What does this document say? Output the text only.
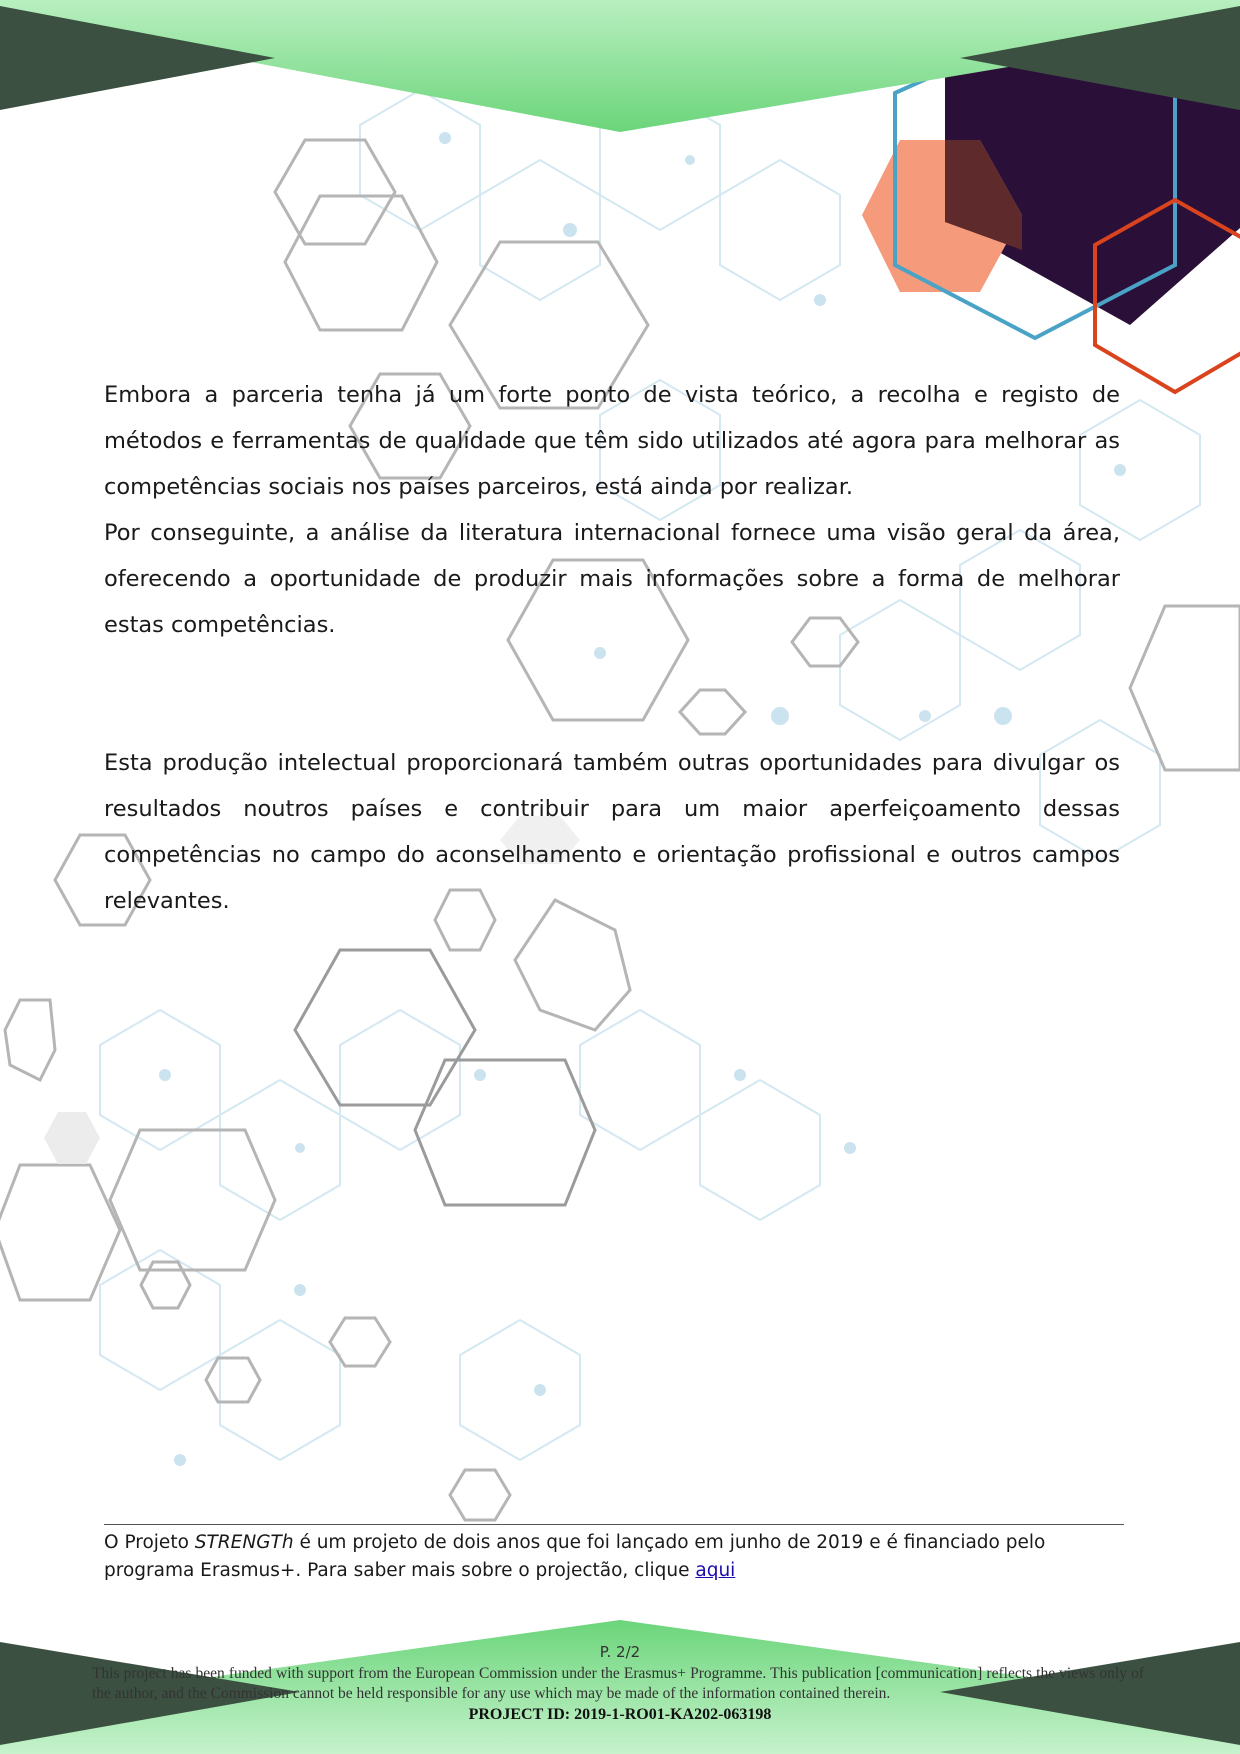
Embora a parceria tenha já um forte ponto de vista teórico, a recolha e registo de métodos e ferramentas de qualidade que têm sido utilizados até agora para melhorar as competências sociais nos países parceiros, está ainda por realizar.

Por conseguinte, a análise da literatura internacional fornece uma visão geral da área, oferecendo a oportunidade de produzir mais informações sobre a forma de melhorar estas competências.

Esta produção intelectual proporcionará também outras oportunidades para divulgar os resultados noutros países e contribuir para um maior aperfeiçoamento dessas competências no campo do aconselhamento e orientação profissional e outros campos relevantes.

O Projeto STRENGTh é um projeto de dois anos que foi lançado em junho de 2019 e é financiado pelo programa Erasmus+. Para saber mais sobre o projectão, clique aqui
P. 2/2
This project has been funded with support from the European Commission under the Erasmus+ Programme. This publication [communication] reflects the views only of the author, and the Commission cannot be held responsible for any use which may be made of the information contained therein.
PROJECT ID: 2019-1-RO01-KA202-063198
